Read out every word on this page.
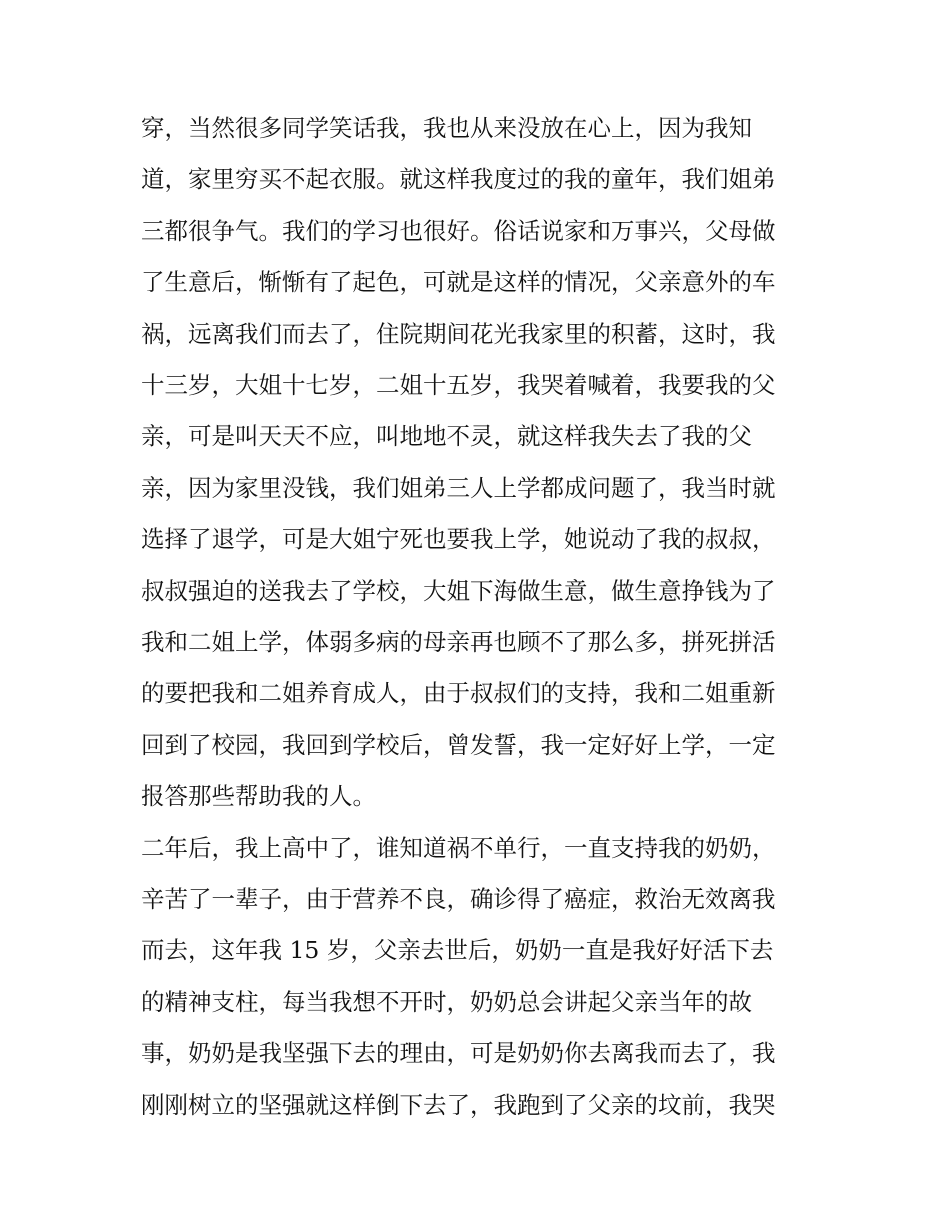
穿，当然很多同学笑话我，我也从来没放在心上，因为我知
道，家里穷买不起衣服。就这样我度过的我的童年，我们姐弟
三都很争气。我们的学习也很好。俗话说家和万事兴，父母做
了生意后，惭惭有了起色，可就是这样的情况，父亲意外的车
祸，远离我们而去了，住院期间花光我家里的积蓄，这时，我
十三岁，大姐十七岁，二姐十五岁，我哭着喊着，我要我的父
亲，可是叫天天不应，叫地地不灵，就这样我失去了我的父
亲，因为家里没钱，我们姐弟三人上学都成问题了，我当时就
选择了退学，可是大姐宁死也要我上学，她说动了我的叔叔，
叔叔强迫的送我去了学校，大姐下海做生意，做生意挣钱为了
我和二姐上学，体弱多病的母亲再也顾不了那么多，拼死拼活
的要把我和二姐养育成人，由于叔叔们的支持，我和二姐重新
回到了校园，我回到学校后，曾发誓，我一定好好上学，一定
报答那些帮助我的人。
二年后，我上高中了，谁知道祸不单行，一直支持我的奶奶，
辛苦了一辈子，由于营养不良，确诊得了癌症，救治无效离我
而去，这年我 15 岁，父亲去世后，奶奶一直是我好好活下去
的精神支柱，每当我想不开时，奶奶总会讲起父亲当年的故
事，奶奶是我坚强下去的理由，可是奶奶你去离我而去了，我
刚刚树立的坚强就这样倒下去了，我跑到了父亲的坟前，我哭
